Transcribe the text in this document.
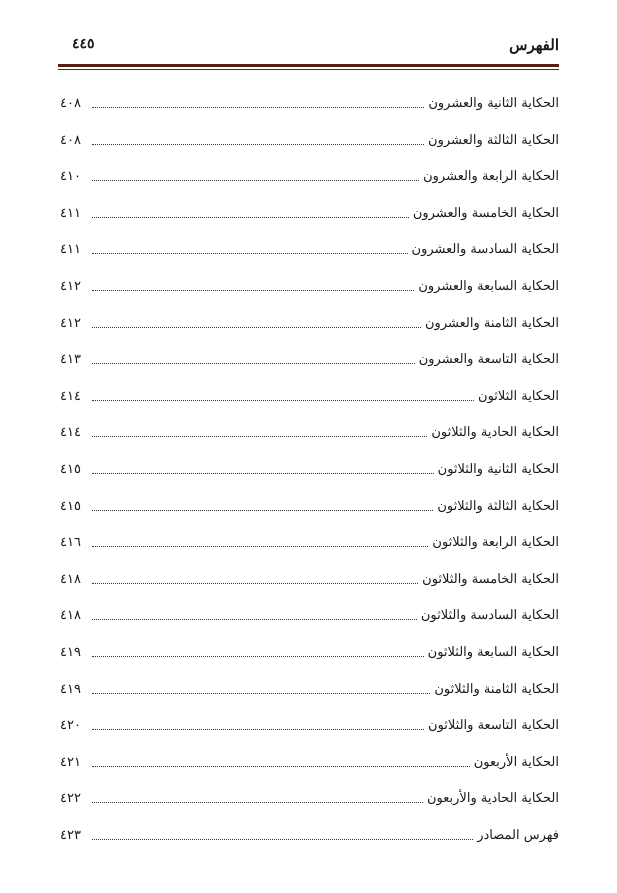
الفهرس
٤٤٥
الحكاية الثانية والعشرون
٤٠٨
الحكاية الثالثة والعشرون
٤٠٨
الحكاية الرابعة والعشرون
٤١٠
الحكاية الخامسة والعشرون
٤١١
الحكاية السادسة والعشرون
٤١١
الحكاية السابعة والعشرون
٤١٢
الحكاية الثامنة والعشرون
٤١٢
الحكاية التاسعة والعشرون
٤١٣
الحكاية الثلاثون
٤١٤
الحكاية الحادية والثلاثون
٤١٤
الحكاية الثانية والثلاثون
٤١٥
الحكاية الثالثة والثلاثون
٤١٥
الحكاية الرابعة والثلاثون
٤١٦
الحكاية الخامسة والثلاثون
٤١٨
الحكاية السادسة والثلاثون
٤١٨
الحكاية السابعة والثلاثون
٤١٩
الحكاية الثامنة والثلاثون
٤١٩
الحكاية التاسعة والثلاثون
٤٢٠
الحكاية الأربعون
٤٢١
الحكاية الحادية والأربعون
٤٢٢
فهرس المصادر
٤٢٣
